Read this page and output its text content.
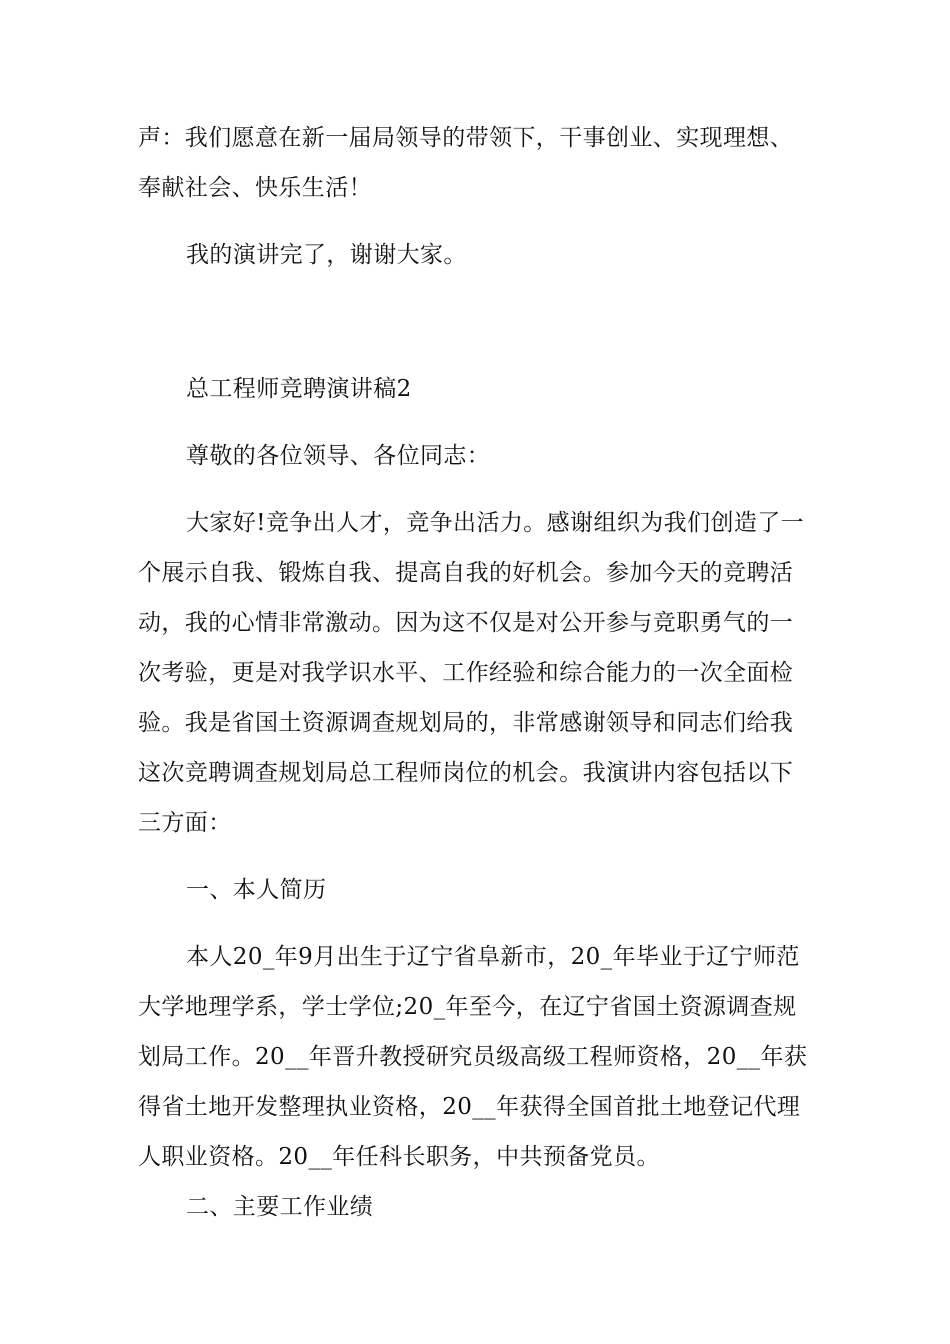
声：我们愿意在新一届局领导的带领下，干事创业、实现理想、
奉献社会、快乐生活！
我的演讲完了，谢谢大家。
总工程师竞聘演讲稿2
尊敬的各位领导、各位同志：
大家好!竞争出人才，竞争出活力。感谢组织为我们创造了一
个展示自我、锻炼自我、提高自我的好机会。参加今天的竞聘活
动，我的心情非常激动。因为这不仅是对公开参与竞职勇气的一
次考验，更是对我学识水平、工作经验和综合能力的一次全面检
验。我是省国土资源调查规划局的，非常感谢领导和同志们给我
这次竞聘调查规划局总工程师岗位的机会。我演讲内容包括以下
三方面：
一、本人简历
本人20_年9月出生于辽宁省阜新市，20_年毕业于辽宁师范
大学地理学系，学士学位;20_年至今，在辽宁省国土资源调查规
划局工作。20__年晋升教授研究员级高级工程师资格，20__年获
得省土地开发整理执业资格，20__年获得全国首批土地登记代理
人职业资格。20__年任科长职务，中共预备党员。
二、主要工作业绩
